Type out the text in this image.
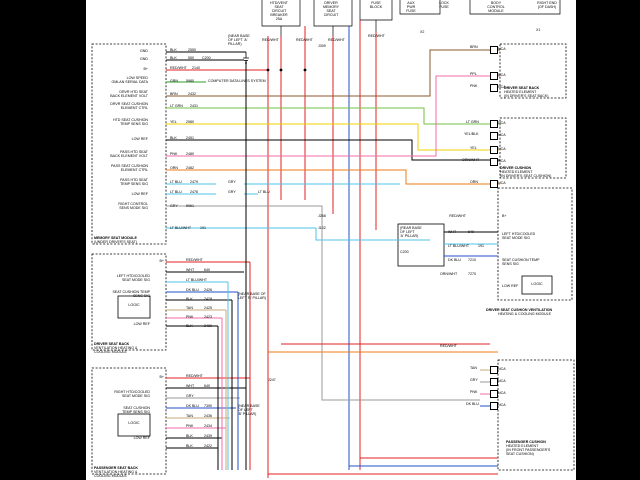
HTD/VENT
SEAT
CIRCUIT
BREAKER
25A
DRIVER
MEMORY
SEAT
CIRCUIT
FUSE
BLOCK
AUX
PWR
FUSE
LOCK
FUSE
BODY
CONTROL
MODULE
RIGHT END
(OF DASH)
(NEAR BASE
OF LEFT 'A'
PILLAR)
GND	BLK	2550
GND	BLK	550 C200
B+	RED/WHT 2140
LOW SPEED
GMLAN SERIAL DATA	GRN 5980	COMPUTER DATA LINES SYSTEM
DRVR HTD SEAT
BACK ELEMENT VOLT	BRN	2432
DRVR SEAT CUSHION
ELEMENT CTRL	LT GRN 2431
HTD SEAT CUSHION
TEMP SENS SIG	YEL	2580
LOW REF	BLK	2451
PASS HTD SEAT
BACK ELEMENT VOLT	PNK 2480
PASS SEAT CUSHION
ELEMENT CTRL	ORN 2482
PASS HTD SEAT
TEMP SENS SIG	LT BLU 2479	GRY
LOW REF	LT BLU 2476	GRY	LT BLU
RIGHT CONTROL
SENS MODE SIG	GRY 5961
LT BLU/WHT 191
MEMORY SEAT MODULE
(UNDER DRIVER'S SEAT)
RED/WHT
B+
LEFT HTD/COOLED
SEAT MODE SIG
WHT	640
LT BLU/WHT
SEAT CUSHION TEMP
SENS SIG
DK BLU 2426
BLK	2428
TAN	2425
PNK	2423
LOW REF	BLK	2429
LOGIC
DRIVER SEAT BACK
VENTILATION HEATING &
COOLING MODULE
(NEAR BASE OF
LEFT 'B' PILLAR)
B+	RED/WHT
RIGHT HTD/COOLED
SEAT MODE SIG
WHT	640
GRY
SEAT CUSHION
TEMP SENS SIG
DK BLU 7390
TAN	2436
PNK	2434
LOW REF	BLK	2439
BLK	2422
LOGIC
PASSENGER SEAT BACK
VENTILATION HEATING &
COOLING MODULE
(NEAR BASE
OF LEFT
'B' PILLAR)
BRN
PPL
PNK
LT GRN
YEL/BLK
YEL
ORN/WHT
ORN
TAN
GRY
PNK
DK BLU
NCA
NCA
NCA
NCA
NCA
NCA
NCA
NCA
NCA
NCA
NCA
NCA
DRIVER SEAT BACK
HEATED ELEMENT
(IN DRIVER'S SEAT BACK)
DRIVER CUSHION
HEATED ELEMENT
(IN DRIVER'S SEAT CUSHION)
DRIVER SEAT CUSHION VENTILATION
HEATING & COOLING MODULE
PASSENGER CUSHION
HEATED ELEMENT
(IN FRONT PASSENGER'S
SEAT CUSHION)
(REAR BASE
OF LEFT
'A' PILLAR)
C200
RED/WHT	B+
WHT	640	LEFT HTD/COOLED
SEAT MODE SIG
LT BLU/WHT 191
DK BLU 7210	SEAT CUSHION TEMP
SENS SIG
ORN/WHT	7270
LOW REF	LOGIC
RED/WHT
J268
J102
J247
J309
X1
X2
RED/WHT	RED/WHT	RED/WHT
RED/WHT
